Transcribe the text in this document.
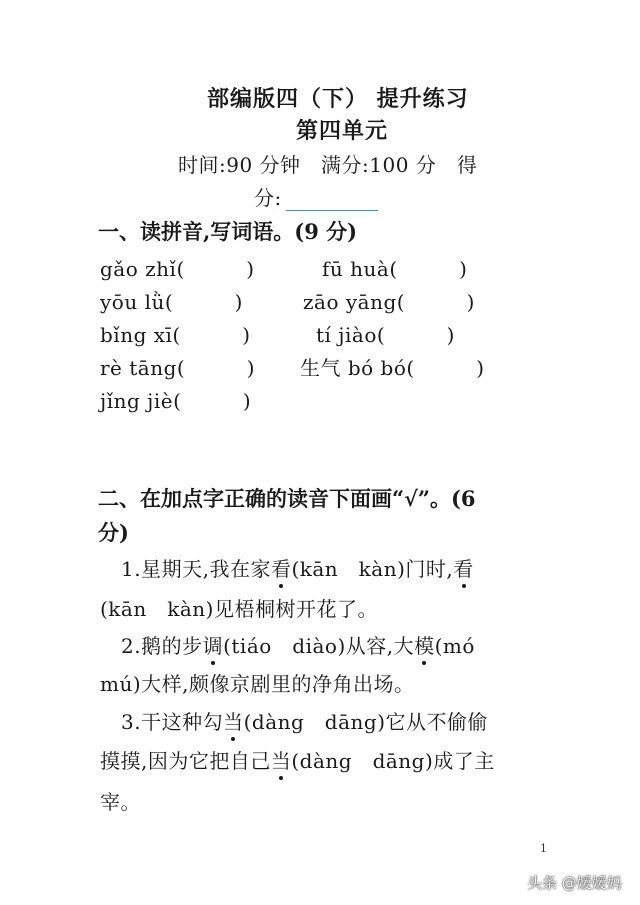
部编版四（下） 提升练习
第四单元
时间:90 分钟　满分:100 分　得
分:
一、读拼音,写词语。(9 分)
gǎo zhǐ(　　　)	fū huà(　　　)
yōu lǜ(　　　)	zāo yāng(　　　)
bǐng xī(　　　)	tí jiào(　　　)
rè tāng(　　　) 生气 bó bó(　　　)
jǐng jiè(　　　)
二、在加点字正确的读音下面画“√”。(6
分)
1.星期天,我在家看(kān　kàn)门时,看
(kān　kàn)见梧桐树开花了。
2.鹅的步调(tiáo　diào)从容,大模(mó
mú)大样,颇像京剧里的净角出场。
3.干这种勾当(dàng　dāng)它从不偷偷
摸摸,因为它把自己当(dàng　dāng)成了主
宰。
1
头条 @嫒嫒妈
